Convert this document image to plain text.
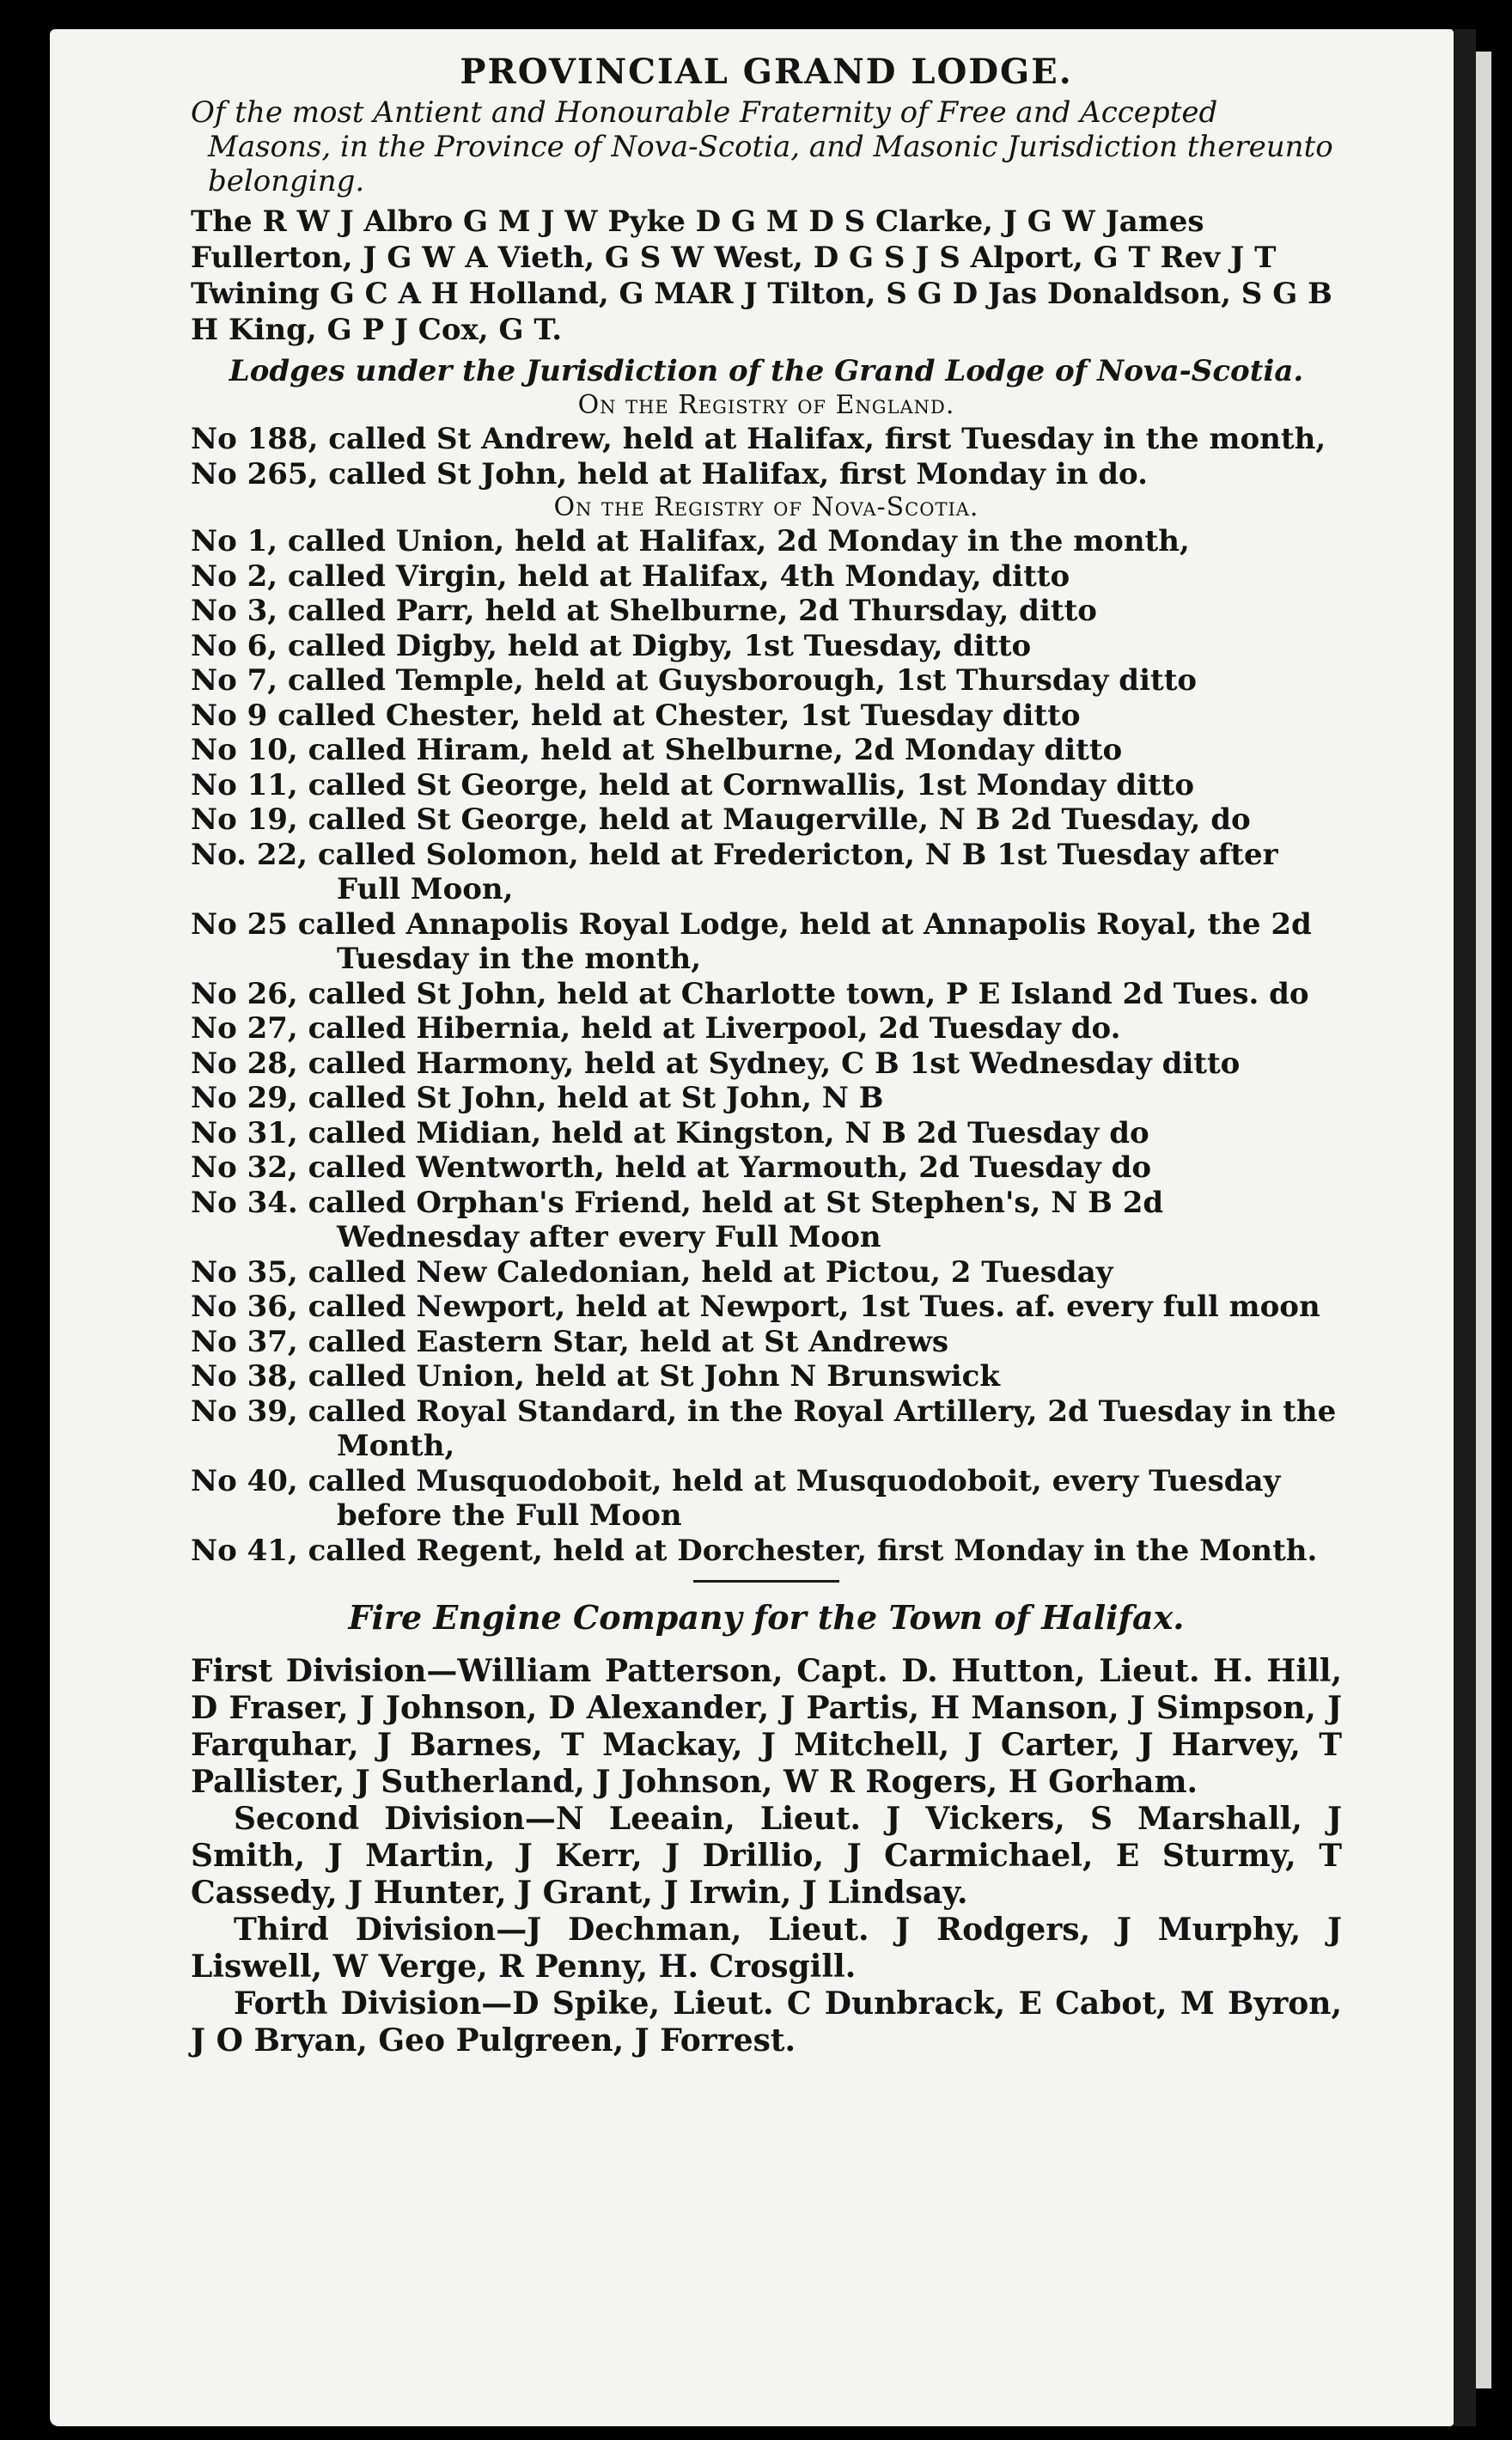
PROVINCIAL GRAND LODGE.

Of the most Antient and Honourable Fraternity of Free and Accepted Masons, in the Province of Nova-Scotia, and Masonic Jurisdiction thereunto belonging.

The R W J Albro G M J W Pyke D G M D S Clarke, J G W James Fullerton, J G W A Vieth, G S W West, D G S J S Alport, G T Rev J T Twining G C A H Holland, G MAR J Tilton, S G D Jas Donaldson, S G B H King, G P J Cox, G T.

Lodges under the Jurisdiction of the Grand Lodge of Nova-Scotia.
On the Registry of England.
No 188, called St Andrew, held at Halifax, first Tuesday in the month,
No 265, called St John, held at Halifax, first Monday in do.
On the Registry of Nova-Scotia.
No 1, called Union, held at Halifax, 2d Monday in the month,
No 2, called Virgin, held at Halifax, 4th Monday, ditto
No 3, called Parr, held at Shelburne, 2d Thursday, ditto
No 6, called Digby, held at Digby, 1st Tuesday, ditto
No 7, called Temple, held at Guysborough, 1st Thursday ditto
No 9 called Chester, held at Chester, 1st Tuesday ditto
No 10, called Hiram, held at Shelburne, 2d Monday ditto
No 11, called St George, held at Cornwallis, 1st Monday ditto
No 19, called St George, held at Maugerville, N B 2d Tuesday, do
No. 22, called Solomon, held at Fredericton, N B 1st Tuesday after Full Moon,
No 25 called Annapolis Royal Lodge, held at Annapolis Royal, the 2d Tuesday in the month,
No 26, called St John, held at Charlotte town, P E Island 2d Tues. do
No 27, called Hibernia, held at Liverpool, 2d Tuesday do.
No 28, called Harmony, held at Sydney, C B 1st Wednesday ditto
No 29, called St John, held at St John, N B
No 31, called Midian, held at Kingston, N B 2d Tuesday do
No 32, called Wentworth, held at Yarmouth, 2d Tuesday do
No 34. called Orphan's Friend, held at St Stephen's, N B 2d Wednesday after every Full Moon
No 35, called New Caledonian, held at Pictou, 2 Tuesday
No 36, called Newport, held at Newport, 1st Tues. af. every full moon
No 37, called Eastern Star, held at St Andrews
No 38, called Union, held at St John N Brunswick
No 39, called Royal Standard, in the Royal Artillery, 2d Tuesday in the Month,
No 40, called Musquodoboit, held at Musquodoboit, every Tuesday before the Full Moon
No 41, called Regent, held at Dorchester, first Monday in the Month.
Fire Engine Company for the Town of Halifax.

First Division—William Patterson, Capt. D. Hutton, Lieut. H. Hill, D Fraser, J Johnson, D Alexander, J Partis, H Manson, J Simpson, J Farquhar, J Barnes, T Mackay, J Mitchell, J Carter, J Harvey, T Pallister, J Sutherland, J Johnson, W R Rogers, H Gorham.

Second Division—N Leeain, Lieut. J Vickers, S Marshall, J Smith, J Martin, J Kerr, J Drillio, J Carmichael, E Sturmy, T Cassedy, J Hunter, J Grant, J Irwin, J Lindsay.

Third Division—J Dechman, Lieut. J Rodgers, J Murphy, J Liswell, W Verge, R Penny, H. Crosgill.

Forth Division—D Spike, Lieut. C Dunbrack, E Cabot, M Byron, J O Bryan, Geo Pulgreen, J Forrest.
